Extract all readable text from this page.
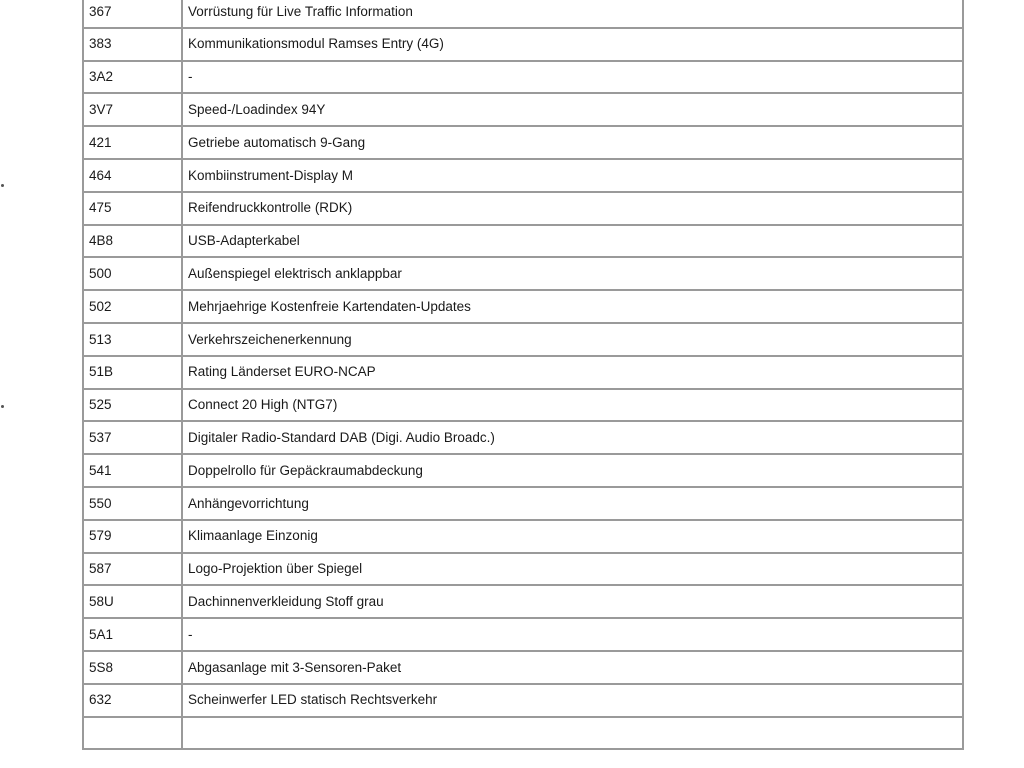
367	Vorrüstung für Live Traffic Information
383	Kommunikationsmodul Ramses Entry (4G)
3A2	-
3V7	Speed-/Loadindex 94Y
421	Getriebe automatisch 9-Gang
464	Kombiinstrument-Display M
475	Reifendruckkontrolle (RDK)
4B8	USB-Adapterkabel
500	Außenspiegel elektrisch anklappbar
502	Mehrjaehrige Kostenfreie Kartendaten-Updates
513	Verkehrszeichenerkennung
51B	Rating Länderset EURO-NCAP
525	Connect 20 High (NTG7)
537	Digitaler Radio-Standard DAB (Digi. Audio Broadc.)
541	Doppelrollo für Gepäckraumabdeckung
550	Anhängevorrichtung
579	Klimaanlage Einzonig
587	Logo-Projektion über Spiegel
58U	Dachinnenverkleidung Stoff grau
5A1	-
5S8	Abgasanlage mit 3-Sensoren-Paket
632	Scheinwerfer LED statisch Rechtsverkehr
